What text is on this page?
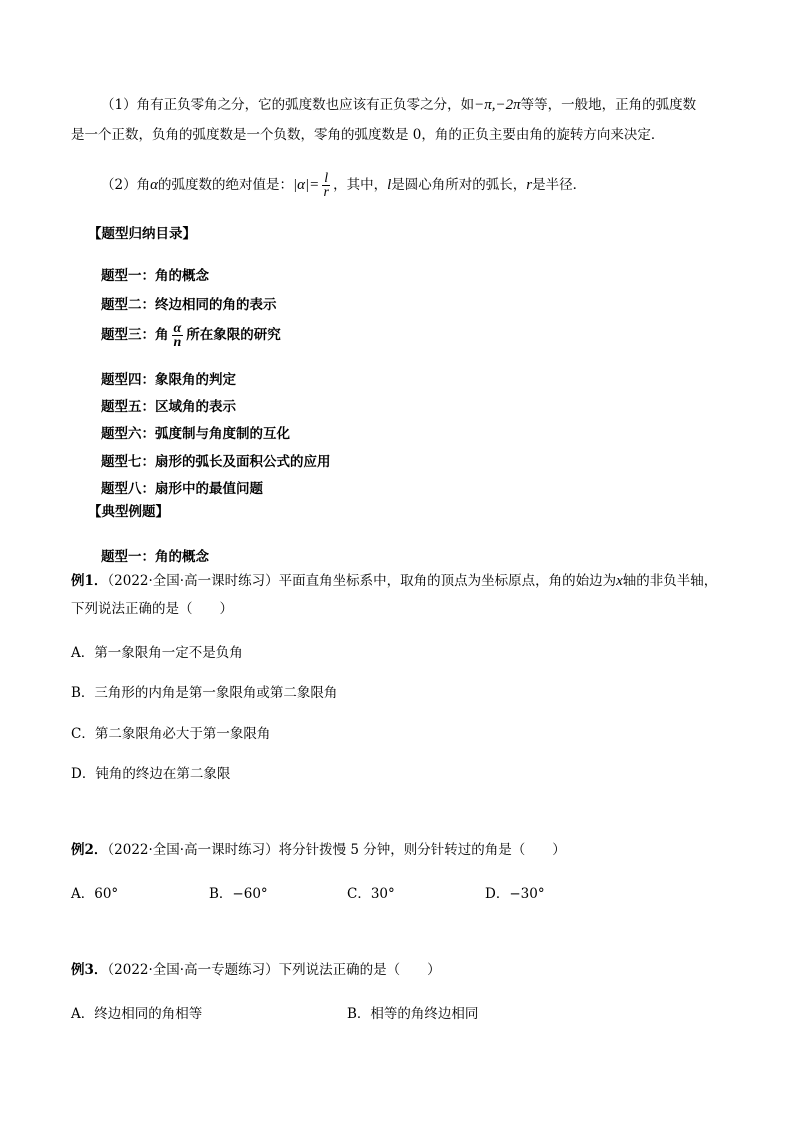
（1）角有正负零角之分，它的弧度数也应该有正负零之分，如−π,−2π等等，一般地，正角的弧度数
是一个正数，负角的弧度数是一个负数，零角的弧度数是 0，角的正负主要由角的旋转方向来决定．
（2）角α的弧度数的绝对值是：$|\alpha|= \frac{l}{r}$ ，其中，l是圆心角所对的弧长，r是半径．
【题型归纳目录】
题型一：角的概念
题型二：终边相同的角的表示
题型三：角 $\frac{\alpha}{n}$ 所在象限的研究
题型四：象限角的判定
题型五：区域角的表示
题型六：弧度制与角度制的互化
题型七：扇形的弧长及面积公式的应用
题型八：扇形中的最值问题
【典型例题】
题型一：角的概念
例1．（2022·全国·高一课时练习）平面直角坐标系中，取角的顶点为坐标原点，角的始边为x轴的非负半轴，
下列说法正确的是（　　）
A．第一象限角一定不是负角
B．三角形的内角是第一象限角或第二象限角
C．第二象限角必大于第一象限角
D．钝角的终边在第二象限
例2．（2022·全国·高一课时练习）将分针拨慢 5 分钟，则分针转过的角是（　　）
A．60°	B．−60°	C．30°	D．−30°
例3．（2022·全国·高一专题练习）下列说法正确的是（　　）
A．终边相同的角相等	B．相等的角终边相同
